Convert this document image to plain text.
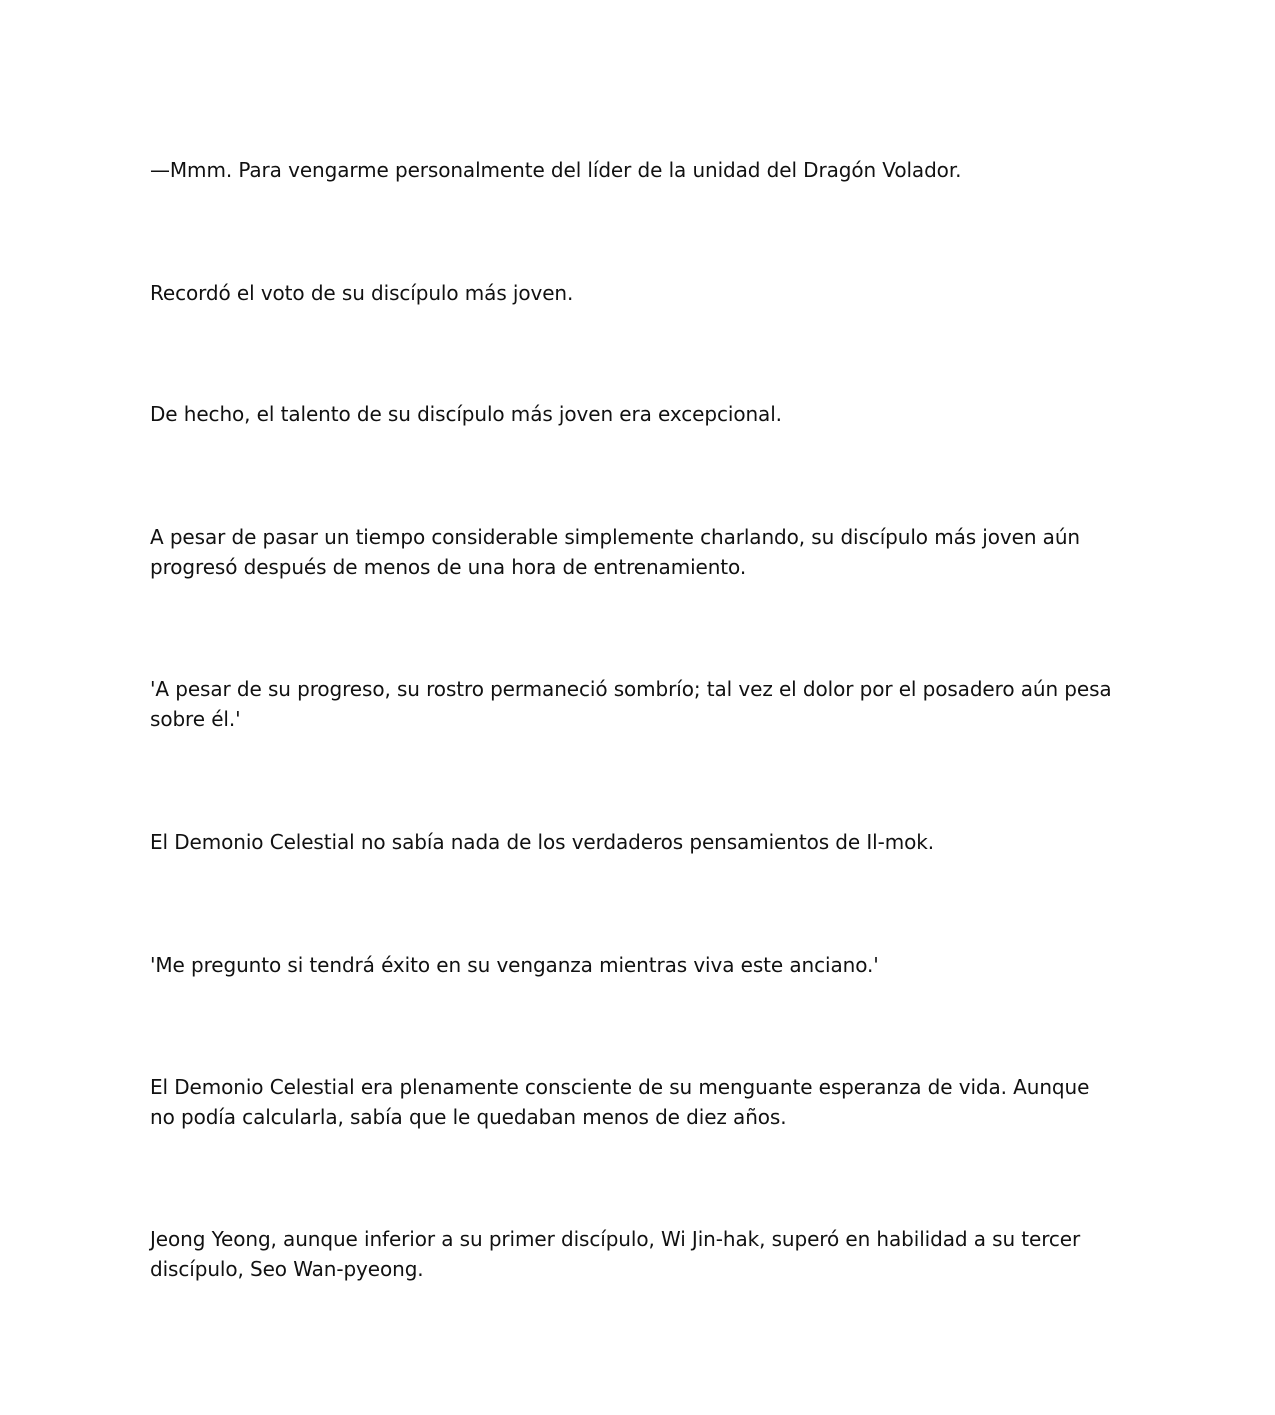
—Mmm. Para vengarme personalmente del líder de la unidad del Dragón Volador.

Recordó el voto de su discípulo más joven.

De hecho, el talento de su discípulo más joven era excepcional.

A pesar de pasar un tiempo considerable simplemente charlando, su discípulo más joven aún progresó después de menos de una hora de entrenamiento.

'A pesar de su progreso, su rostro permaneció sombrío; tal vez el dolor por el posadero aún pesa sobre él.'

El Demonio Celestial no sabía nada de los verdaderos pensamientos de Il-mok.

'Me pregunto si tendrá éxito en su venganza mientras viva este anciano.'

El Demonio Celestial era plenamente consciente de su menguante esperanza de vida. Aunque no podía calcularla, sabía que le quedaban menos de diez años.

Jeong Yeong, aunque inferior a su primer discípulo, Wi Jin-hak, superó en habilidad a su tercer discípulo, Seo Wan-pyeong.
